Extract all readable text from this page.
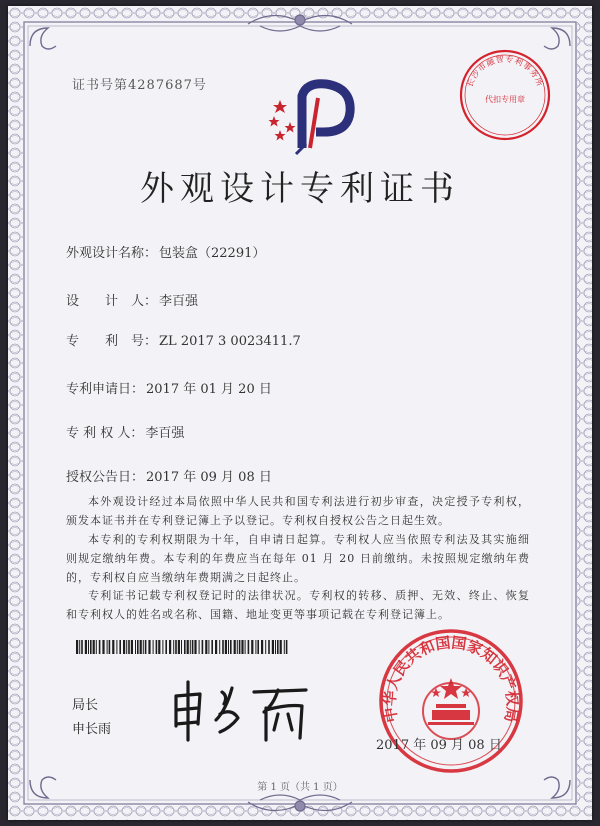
长沙市融智专利事务所
代扣专用章
证书号第4287687号
外观设计专利证书
外观设计名称： 包装盒（22291）
设　　计　人： 李百强
专　　利　号： ZL 2017 3 0023411.7
专利申请日： 2017 年 01 月 20 日
专 利 权 人： 李百强
授权公告日： 2017 年 09 月 08 日
本外观设计经过本局依照中华人民共和国专利法进行初步审查，决定授予专利权，颁发本证书并在专利登记簿上予以登记。专利权自授权公告之日起生效。
本专利的专利权期限为十年，自申请日起算。专利权人应当依照专利法及其实施细则规定缴纳年费。本专利的年费应当在每年 01 月 20 日前缴纳。未按照规定缴纳年费的，专利权自应当缴纳年费期满之日起终止。
专利证书记载专利权登记时的法律状况。专利权的转移、质押、无效、终止、恢复和专利权人的姓名或名称、国籍、地址变更等事项记载在专利登记簿上。
局长
申长雨
中华人民共和国国家知识产权局
2017 年 09 月 08 日
第 1 页（共 1 页）
